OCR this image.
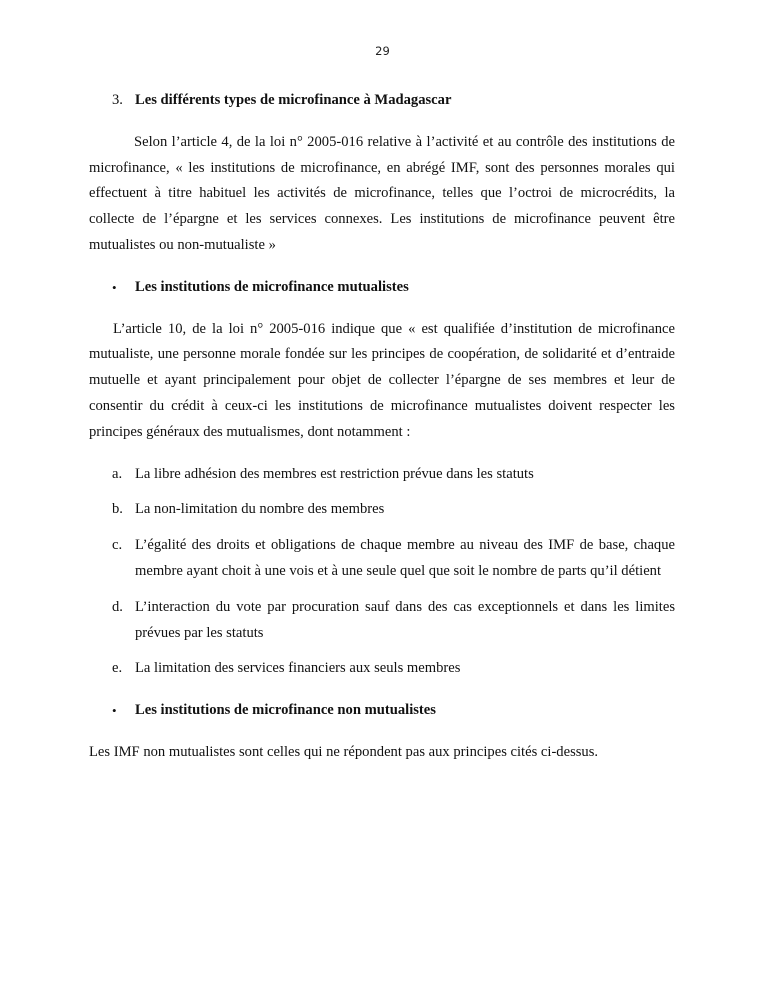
29
3. Les différents types de microfinance à Madagascar

Selon l’article 4, de la loi n° 2005-016 relative à l’activité et au contrôle des institutions de microfinance, « les institutions de microfinance, en abrégé IMF, sont des personnes morales qui effectuent à titre habituel les activités de microfinance, telles que l’octroi de microcrédits, la collecte de l’épargne et les services connexes. Les institutions de microfinance peuvent être mutualistes ou non-mutualiste »

•	Les institutions de microfinance mutualistes

L’article 10, de la loi n° 2005-016 indique que « est qualifiée d’institution de microfinance mutualiste, une personne morale fondée sur les principes de coopération, de solidarité et d’entraide mutuelle et ayant principalement pour objet de collecter l’épargne de ses membres et leur de consentir du crédit à ceux-ci les institutions de microfinance mutualistes doivent respecter les principes généraux des mutualismes, dont notamment :

a. La libre adhésion des membres est restriction prévue dans les statuts
b. La non-limitation du nombre des membres
c. L’égalité des droits et obligations de chaque membre au niveau des IMF de base, chaque membre ayant choit à une vois et à une seule quel que soit le nombre de parts qu’il détient
d. L’interaction du vote par procuration sauf dans des cas exceptionnels et dans les limites prévues par les statuts
e. La limitation des services financiers aux seuls membres
•	Les institutions de microfinance non mutualistes

Les IMF non mutualistes sont celles qui ne répondent pas aux principes cités ci-dessus.
